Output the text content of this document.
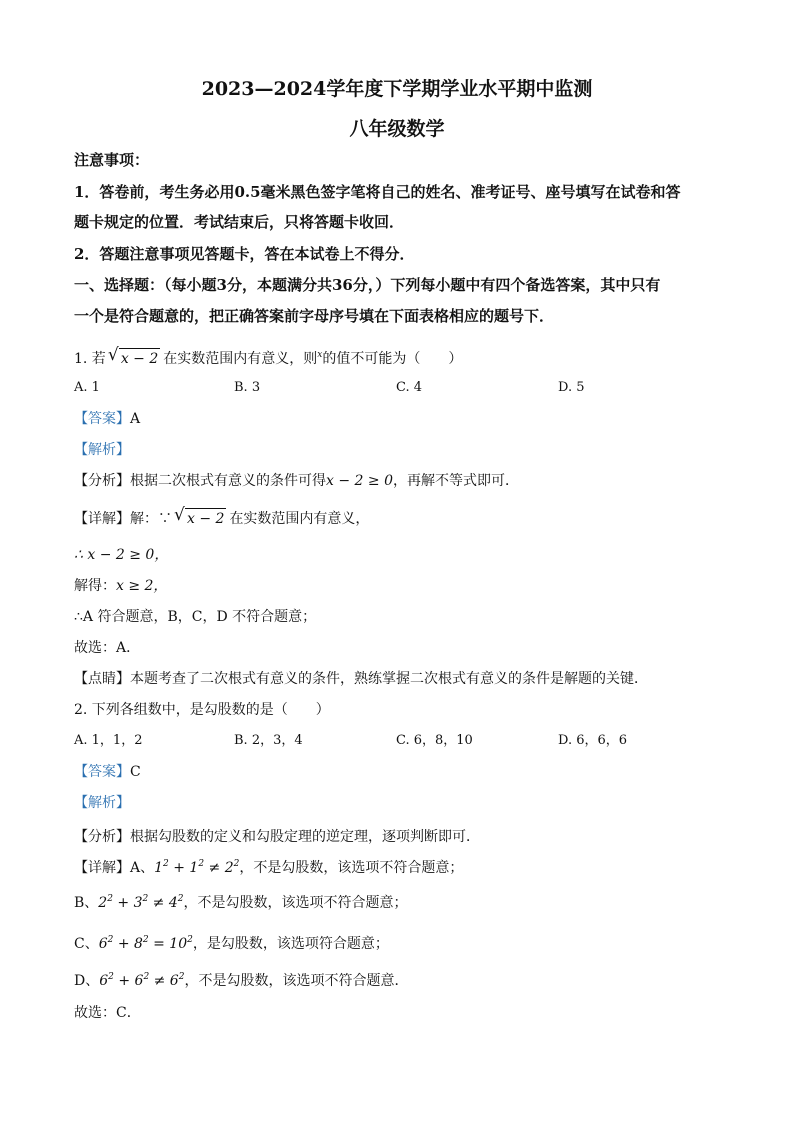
2023—2024学年度下学期学业水平期中监测
八年级数学
注意事项：
1．答卷前，考生务必用0.5毫米黑色签字笔将自己的姓名、准考证号、座号填写在试卷和答
题卡规定的位置．考试结束后，只将答题卡收回．
2．答题注意事项见答题卡，答在本试卷上不得分．
一、选择题：（每小题3分，本题满分共36分，）下列每小题中有四个备选答案，其中只有
一个是符合题意的，把正确答案前字母序号填在下面表格相应的题号下．
1. 若 √ x − 2 在实数范围内有意义，则$^x$的值不可能为（　　）
A. 1	B. 3	C. 4	D. 5
【答案】A
【解析】
【分析】根据二次根式有意义的条件可得x − 2 ≥ 0，再解不等式即可．
【详解】解：∵ √ x − 2 在实数范围内有意义，
∴ x − 2 ≥ 0，
解得：x ≥ 2，
∴A 符合题意，B，C，D 不符合题意；
故选：A．
【点睛】本题考查了二次根式有意义的条件，熟练掌握二次根式有意义的条件是解题的关键．
2. 下列各组数中，是勾股数的是（　　）
A. 1，1，2	B. 2，3，4	C. 6，8，10	D. 6，6，6
【答案】C
【解析】
【分析】根据勾股数的定义和勾股定理的逆定理，逐项判断即可．
【详解】A、$1^2 + 1^2 \ne 2^2$，不是勾股数，该选项不符合题意；
B、$2^2 + 3^2 \ne 4^2$，不是勾股数，该选项不符合题意；
C、$6^2 + 8^2 = 10^2$，是勾股数，该选项符合题意；
D、$6^2 + 6^2 \ne 6^2$，不是勾股数，该选项不符合题意．
故选：C．
